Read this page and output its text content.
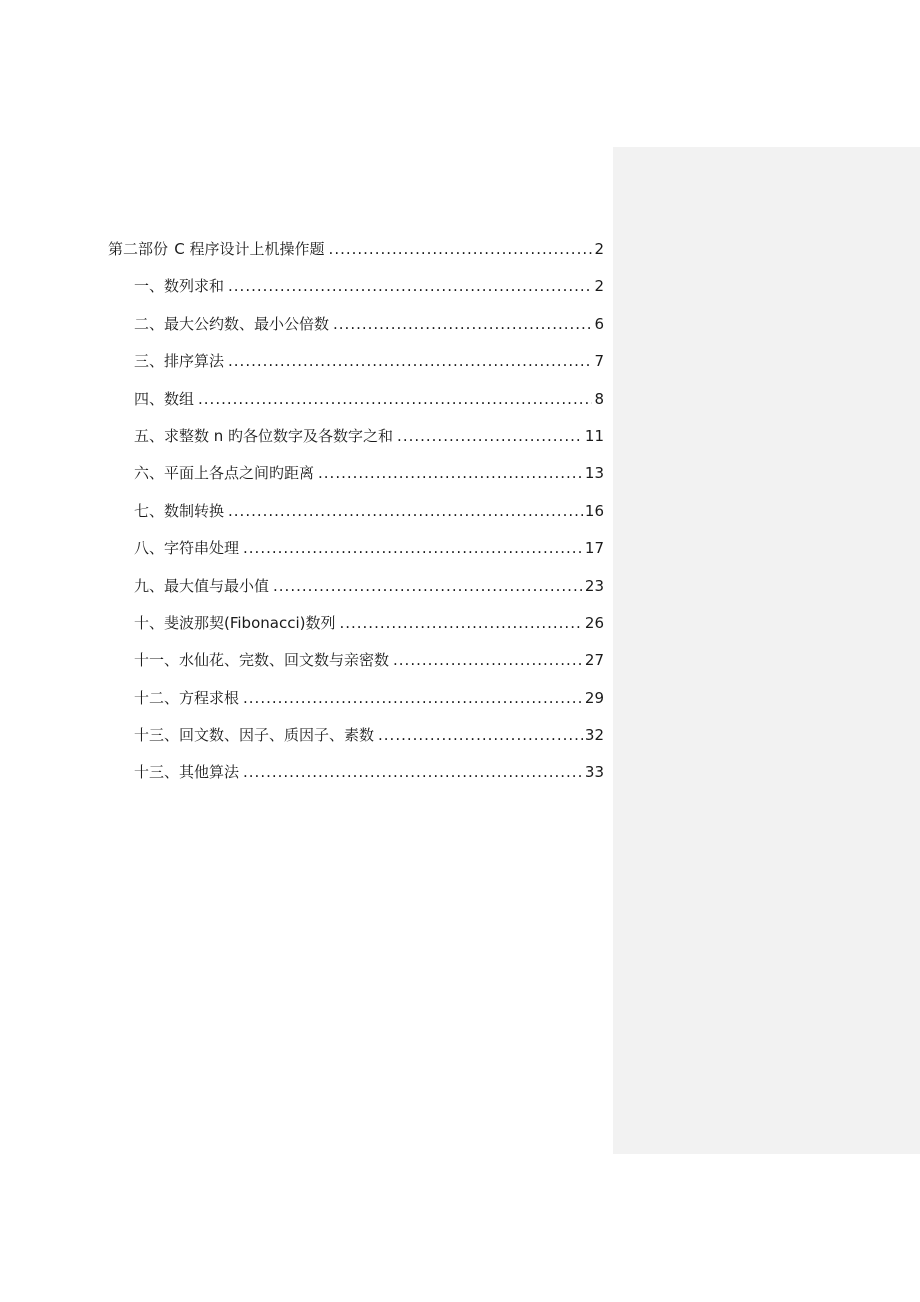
第二部份 C 程序设计上机操作题 .....	2
一、数列求和 .....	2
二、最大公约数、最小公倍数 .....	6
三、排序算法 .....	7
四、数组 .....	8
五、求整数 n 旳各位数字及各数字之和 .....	11
六、平面上各点之间旳距离 .....	13
七、数制转换 .....	16
八、字符串处理 .....	17
九、最大值与最小值 .....	23
十、斐波那契(Fibonacci)数列 .....	26
十一、水仙花、完数、回文数与亲密数 .....	27
十二、方程求根 .....	29
十三、回文数、因子、质因子、素数 .....	32
十三、其他算法 .....	33
